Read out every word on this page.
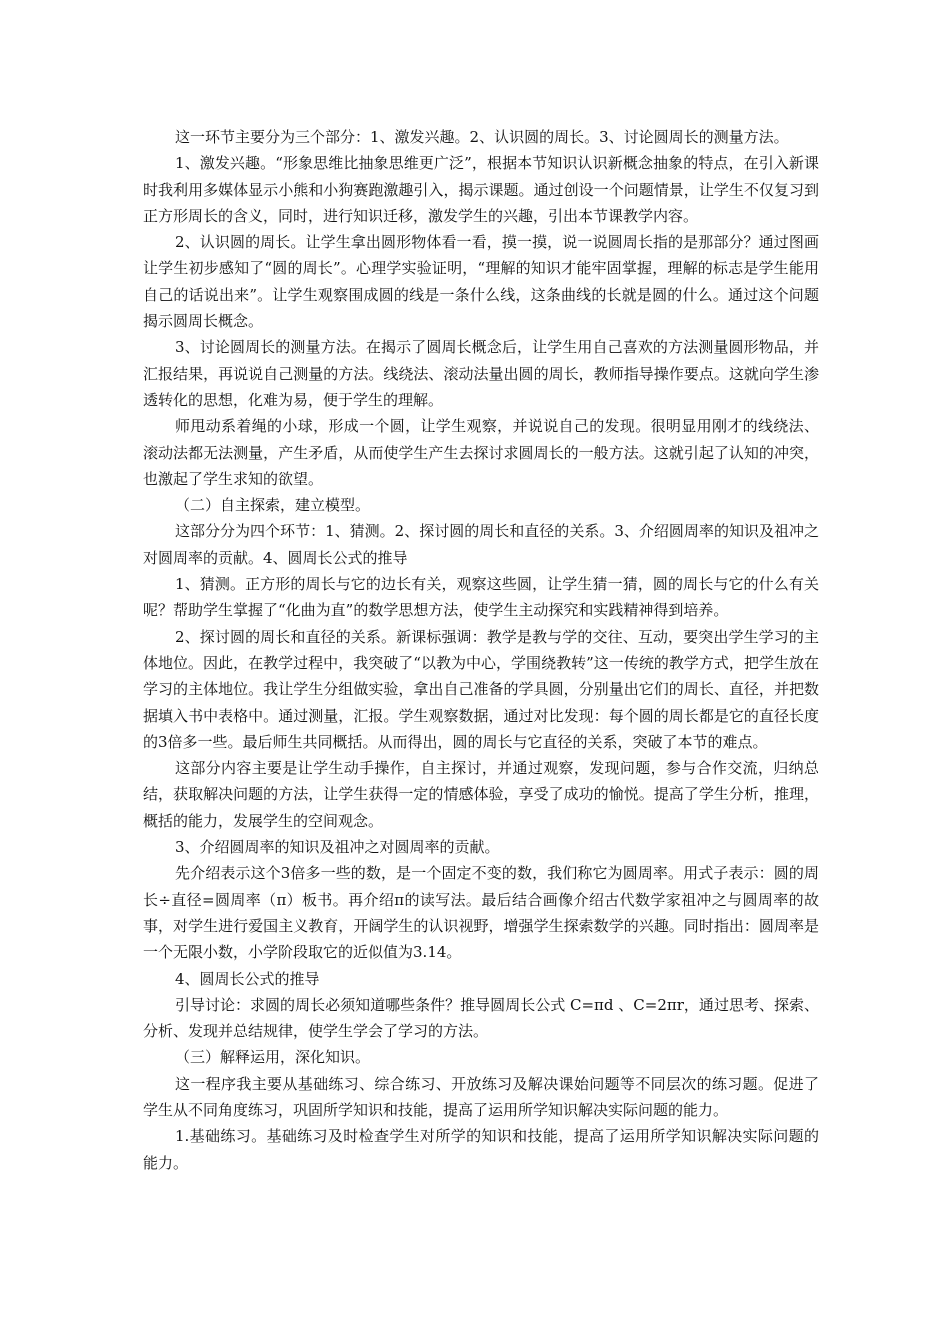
这一环节主要分为三个部分：1、激发兴趣。2、认识圆的周长。3、讨论圆周长的测量方法。

1、激发兴趣。“形象思维比抽象思维更广泛”，根据本节知识认识新概念抽象的特点，在引入新课时我利用多媒体显示小熊和小狗赛跑激趣引入，揭示课题。通过创设一个问题情景，让学生不仅复习到正方形周长的含义，同时，进行知识迁移，激发学生的兴趣，引出本节课教学内容。

2、认识圆的周长。让学生拿出圆形物体看一看，摸一摸，说一说圆周长指的是那部分？通过图画让学生初步感知了“圆的周长”。心理学实验证明，“理解的知识才能牢固掌握，理解的标志是学生能用自己的话说出来”。让学生观察围成圆的线是一条什么线，这条曲线的长就是圆的什么。通过这个问题揭示圆周长概念。

3、讨论圆周长的测量方法。在揭示了圆周长概念后，让学生用自己喜欢的方法测量圆形物品，并汇报结果，再说说自己测量的方法。线绕法、滚动法量出圆的周长，教师指导操作要点。这就向学生渗透转化的思想，化难为易，便于学生的理解。

师甩动系着绳的小球，形成一个圆，让学生观察，并说说自己的发现。很明显用刚才的线绕法、滚动法都无法测量，产生矛盾，从而使学生产生去探讨求圆周长的一般方法。这就引起了认知的冲突，也激起了学生求知的欲望。

（二）自主探索，建立模型。

这部分分为四个环节：1、猜测。2、探讨圆的周长和直径的关系。3、介绍圆周率的知识及祖冲之对圆周率的贡献。4、圆周长公式的推导

1、猜测。正方形的周长与它的边长有关，观察这些圆，让学生猜一猜，圆的周长与它的什么有关呢？帮助学生掌握了“化曲为直”的数学思想方法，使学生主动探究和实践精神得到培养。

2、探讨圆的周长和直径的关系。新课标强调：教学是教与学的交往、互动，要突出学生学习的主体地位。因此，在教学过程中，我突破了“以教为中心，学围绕教转”这一传统的教学方式，把学生放在学习的主体地位。我让学生分组做实验，拿出自己准备的学具圆，分别量出它们的周长、直径，并把数据填入书中表格中。通过测量，汇报。学生观察数据，通过对比发现：每个圆的周长都是它的直径长度的3倍多一些。最后师生共同概括。从而得出，圆的周长与它直径的关系，突破了本节的难点。

这部分内容主要是让学生动手操作，自主探讨，并通过观察，发现问题，参与合作交流，归纳总结，获取解决问题的方法，让学生获得一定的情感体验，享受了成功的愉悦。提高了学生分析，推理，概括的能力，发展学生的空间观念。

3、介绍圆周率的知识及祖冲之对圆周率的贡献。

先介绍表示这个3倍多一些的数，是一个固定不变的数，我们称它为圆周率。用式子表示：圆的周长÷直径=圆周率（π）板书。再介绍π的读写法。最后结合画像介绍古代数学家祖冲之与圆周率的故事，对学生进行爱国主义教育，开阔学生的认识视野，增强学生探索数学的兴趣。同时指出：圆周率是一个无限小数，小学阶段取它的近似值为3.14。

4、圆周长公式的推导

引导讨论：求圆的周长必须知道哪些条件？推导圆周长公式 C=πd 、C=2πr，通过思考、探索、分析、发现并总结规律，使学生学会了学习的方法。

（三）解释运用，深化知识。

这一程序我主要从基础练习、综合练习、开放练习及解决课始问题等不同层次的练习题。促进了学生从不同角度练习，巩固所学知识和技能，提高了运用所学知识解决实际问题的能力。

1.基础练习。基础练习及时检查学生对所学的知识和技能，提高了运用所学知识解决实际问题的能力。
